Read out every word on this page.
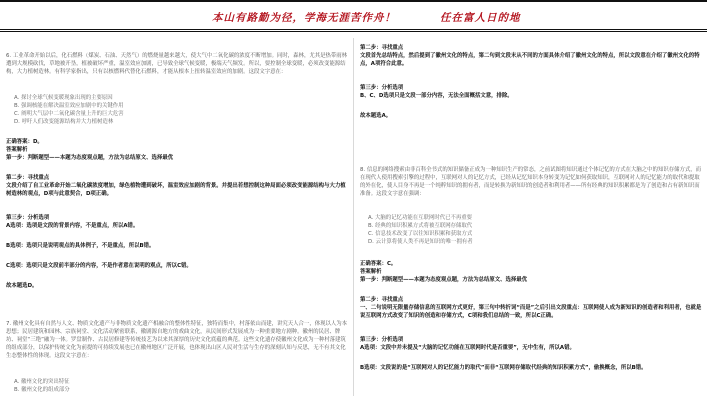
本山有路勤为径，学海无涯苦作舟！	任在富人日的地
6. 工业革命开始以后，化石燃料（煤炭、石油、天然气）的燃烧量越来越大，使大气中二氧化碳的浓度不断增加。同时，森林，尤其是热带雨林遭到大规模砍伐，草地被开垦，植被破坏严重，温室效应加剧，已导致全球气候变暖，极端天气频发。所以，要控制全球变暖，必须改变能源结构，大力植树造林。有科学家指出，只有以核燃料代替化石燃料，才能从根本上扭转温室效应的加剧。这段文字意在：
A. 探讨全球气候变暖现象出现的主要原因
B. 强调核能在解决温室效应加剧中的关键作用
C. 阐明大气层中二氧化碳含量上升的巨大危害
D. 呼吁人们改变能源结构并大力植树造林
正确答案：D。
答案解析
第一步：判断题型——本题为态度观点题，方法为总结原文、选择最优
第二步：寻找重点
文段介绍了自工业革命开始二氧化碳浓度增加，绿色植物遭到破坏，温室效应加剧的背景。并提出若想控制这种局面必须改变能源结构与大力植树造林的观点，D项与此意契合，D项正确。
第三步：分析选项
A选项：选项是文段的背景内容，不是重点，所以A错。
B选项：选项只是说明观点的具体例子，不是重点，所以B错。
C选项：选项只是文段前半部分的内容，不是作者意在说明的观点，所以C错。
故本题选D。
7. 徽州文化具有自然与人文、物质文化遗产与非物质文化遗产相融合的整体性特征，独特而集中，村落依山而建，讲究天人合一，体现以人为本思想；民居建筑和园林、宗族祠堂、文化活动紧密联系，徽剧源自地方的戏曲文化，从民间形式发展成为一种重要地方剧种。徽州的民居、牌坊、祠堂“三绝”融为一体。罗盘制作、古民居修建等传统技艺为以来其深厚的历史文化底蕴的典范。这些文化遗存使徽州文化成为一种村落建筑的组成部分，以保护传统文化为前提的可持续发展也已在徽州地区广泛开展，也体现出山区人民对生活与生存的深刻认知与反思，无不有其文化生态整体性的体现。这段文字意在：
A. 徽州文化的突出特征
B. 徽州文化的组成部分
第二步：寻找重点
文段首先总结特点，然后提到了徽州文化的特点，第二句到文段末从不同的方面具体介绍了徽州文化的特点，所以文段意在介绍了徽州文化的特点，A项符合此意。
第三步：分析选项
B、C、D选项只是文段一部分内容，无法全面概括文意，排除。
故本题选A。
8. 信息的网络搜索由非百科全书式的知识储备正成为一种知识生产的常态，之前试图将知识通过个体记忆的方式在大脑之中的知识存储方式，而在现代人使用搜索引擎的过程中，互联网对人的记忆方式，已经从记忆知识本身转变为记忆如何获取知识，互联网对人的记忆能力的取代和提取的外在化，使人目身不再是一个纯粹知识的拥有者，而是转换为新知识的创造者和利用者——所有经典的知识积累都是为了创造和占有新知识而准备。这段文字意在强调：
A. 大脑的记忆功能在互联网时代已不再重要
B. 经典的知识积累方式将被互联网存储取代
C. 信息技术改变了以往知识积累和获取方式
D. 云计算将使人类不再是知识的唯一拥有者
正确答案：C。
答案解析
第一步：判断题型——本题为态度观点题，方法为总结原文、选择最优
第二步：寻找重点
一、二句说明无限量存储信息的互联网方式更好，第三句中转折词“而是”之后引出文段重点：互联网使人成为新知识的创造者和利用者，也就是说互联网方式改变了知识的创造和存储方式，C项和我们总结的一致，所以C正确。
第三步：分析选项
A选项：文段中并未提及“大脑的记忆功能在互联网时代是否重要”，无中生有，所以A错。
B选项：文段说的是“互联网对人的记忆能力的取代”而非“互联网存储取代经典的知识积累方式”，偷换概念，所以B错。
